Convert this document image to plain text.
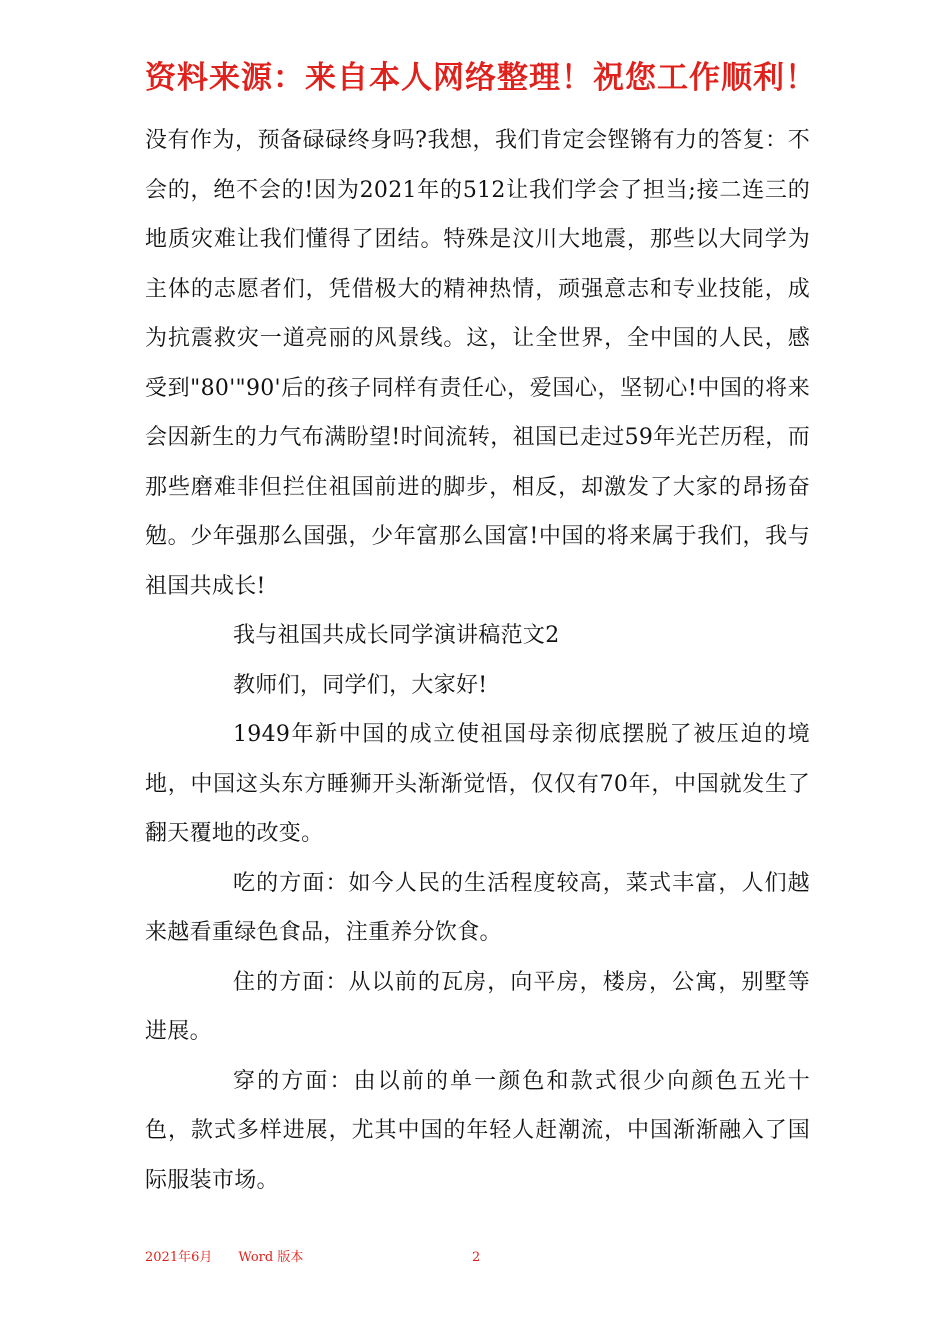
资料来源：来自本人网络整理！祝您工作顺利！

没有作为，预备碌碌终身吗?我想，我们肯定会铿锵有力的答复：不会的，绝不会的!因为2021年的512让我们学会了担当;接二连三的地质灾难让我们懂得了团结。特殊是汶川大地震，那些以大同学为主体的志愿者们，凭借极大的精神热情，顽强意志和专业技能，成为抗震救灾一道亮丽的风景线。这，让全世界，全中国的人民，感受到"80'"90'后的孩子同样有责任心，爱国心，坚韧心!中国的将来会因新生的力气布满盼望!时间流转，祖国已走过59年光芒历程，而那些磨难非但拦住祖国前进的脚步，相反，却激发了大家的昂扬奋勉。少年强那么国强，少年富那么国富!中国的将来属于我们，我与祖国共成长!

我与祖国共成长同学演讲稿范文2

教师们，同学们，大家好!

1949年新中国的成立使祖国母亲彻底摆脱了被压迫的境地，中国这头东方睡狮开头渐渐觉悟，仅仅有70年，中国就发生了翻天覆地的改变。

吃的方面：如今人民的生活程度较高，菜式丰富，人们越来越看重绿色食品，注重养分饮食。

住的方面：从以前的瓦房，向平房，楼房，公寓，别墅等进展。

穿的方面：由以前的单一颜色和款式很少向颜色五光十色，款式多样进展，尤其中国的年轻人赶潮流，中国渐渐融入了国际服装市场。

2021年6月 Word 版本	2
